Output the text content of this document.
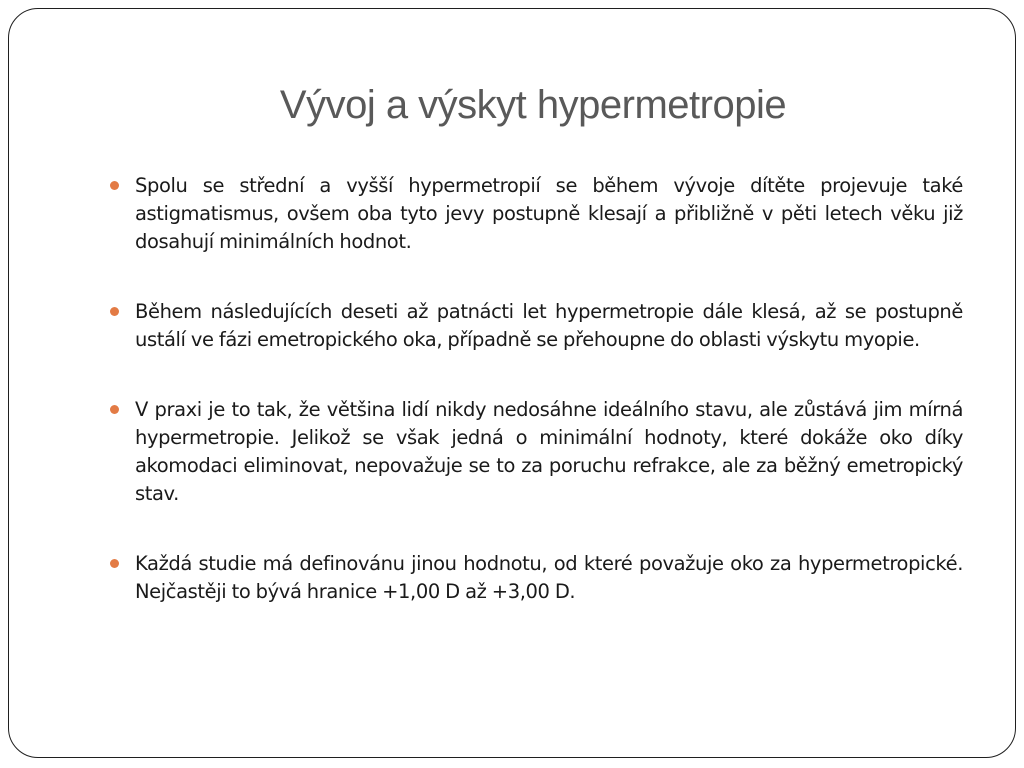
Vývoj a výskyt hypermetropie
Spolu se střední a vyšší hypermetropií se během vývoje dítěte projevuje také astigmatismus, ovšem oba tyto jevy postupně klesají a přibližně v pěti letech věku již dosahují minimálních hodnot.
Během následujících deseti až patnácti let hypermetropie dále klesá, až se postupně ustálí ve fázi emetropického oka, případně se přehoupne do oblasti výskytu myopie.
V praxi je to tak, že většina lidí nikdy nedosáhne ideálního stavu, ale zůstává jim mírná hypermetropie. Jelikož se však jedná o minimální hodnoty, které dokáže oko díky akomodaci eliminovat, nepovažuje se to za poruchu refrakce, ale za běžný emetropický stav.
Každá studie má definovánu jinou hodnotu, od které považuje oko za hypermetropické. Nejčastěji to bývá hranice +1,00 D až +3,00 D.
